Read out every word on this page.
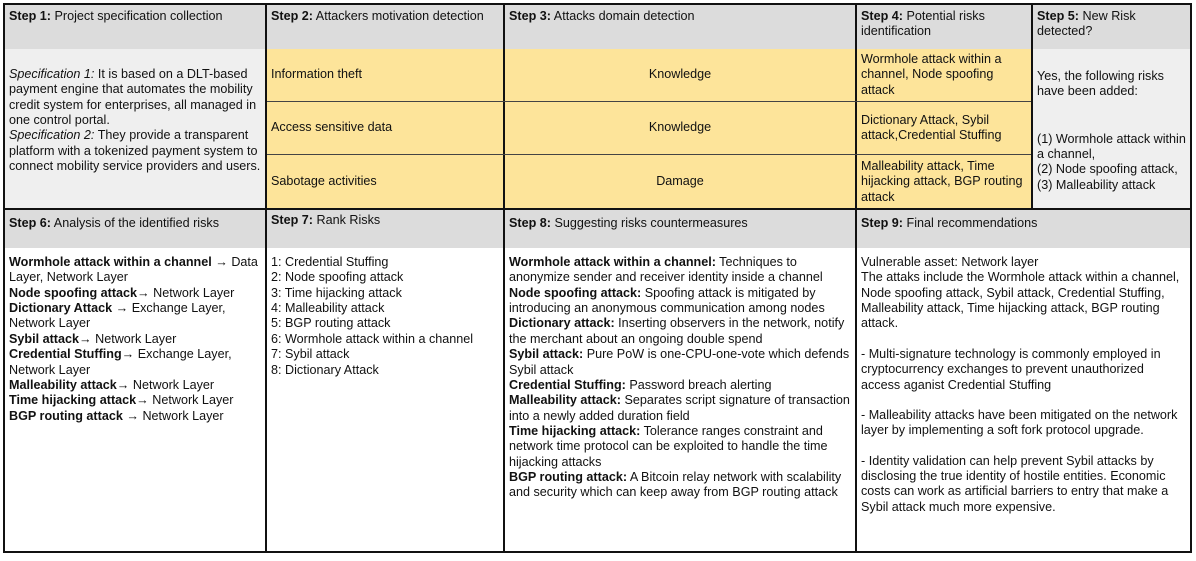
Step 1: Project specification collection
Specification 1: It is based on a DLT-based payment engine that automates the mobility credit system for enterprises, all managed in one control portal.
Specification 2: They provide a transparent platform with a tokenized payment system to connect mobility service providers and users.
Step 2: Attackers motivation detection
Information theft
Access sensitive data
Sabotage activities
Step 3: Attacks domain detection
Knowledge
Knowledge
Damage
Step 4: Potential risks identification
Wormhole attack within a channel, Node spoofing attack
Dictionary Attack, Sybil attack,Credential Stuffing
Malleability attack, Time hijacking attack, BGP routing attack
Step 5: New Risk detected?
Yes, the following risks have been added:
(1) Wormhole attack within a channel,
(2) Node spoofing attack,
(3) Malleability attack
Step 6: Analysis of the identified risks
Wormhole attack within a channel → Data Layer, Network Layer
Node spoofing attack→ Network Layer
Dictionary Attack → Exchange Layer, Network Layer
Sybil attack→ Network Layer
Credential Stuffing→ Exchange Layer, Network Layer
Malleability attack→ Network Layer
Time hijacking attack→ Network Layer
BGP routing attack → Network Layer
Step 7: Rank Risks
1: Credential Stuffing
2: Node spoofing attack
3: Time hijacking attack
4: Malleability attack
5: BGP routing attack
6: Wormhole attack within a channel
7: Sybil attack
8: Dictionary Attack
Step 8: Suggesting risks countermeasures
Wormhole attack within a channel: Techniques to anonymize sender and receiver identity inside a channel
Node spoofing attack: Spoofing attack is mitigated by introducing an anonymous communication among nodes
Dictionary attack: Inserting observers in the network, notify the merchant about an ongoing double spend
Sybil attack: Pure PoW is one-CPU-one-vote which defends Sybil attack
Credential Stuffing: Password breach alerting
Malleability attack: Separates script signature of transaction into a newly added duration field
Time hijacking attack: Tolerance ranges constraint and network time protocol can be exploited to handle the time hijacking attacks
BGP routing attack: A Bitcoin relay network with scalability and security which can keep away from BGP routing attack
Step 9: Final recommendations
Vulnerable asset: Network layer
The attaks include the Wormhole attack within a channel, Node spoofing attack, Sybil attack, Credential Stuffing, Malleability attack, Time hijacking attack, BGP routing attack.
- Multi-signature technology is commonly employed in cryptocurrency exchanges to prevent unauthorized access aganist Credential Stuffing
- Malleability attacks have been mitigated on the network layer by implementing a soft fork protocol upgrade.
- Identity validation can help prevent Sybil attacks by disclosing the true identity of hostile entities. Economic costs can work as artificial barriers to entry that make a Sybil attack much more expensive.
